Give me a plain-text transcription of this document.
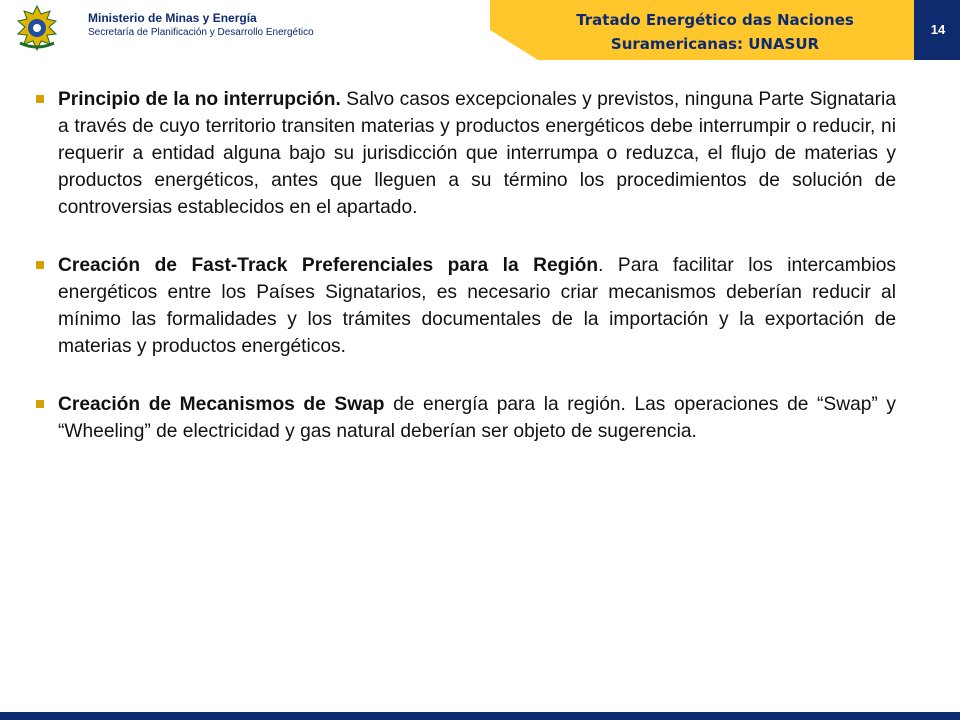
Ministerio de Minas y Energía
Secretaría de Planificación y Desarrollo Energético
Tratado Energético das Naciones
Suramericanas: UNASUR
14
Principio de la no interrupción. Salvo casos excepcionales y previstos, ninguna Parte Signataria a través de cuyo territorio transiten materias y productos energéticos debe interrumpir o reducir, ni requerir a entidad alguna bajo su jurisdicción que interrumpa o reduzca, el flujo de materias y productos energéticos, antes que lleguen a su término los procedimientos de solución de controversias establecidos en el apartado.
Creación de Fast-Track Preferenciales para la Región. Para facilitar los intercambios energéticos entre los Países Signatarios, es necesario criar mecanismos deberían reducir al mínimo las formalidades y los trámites documentales de la importación y la exportación de materias y productos energéticos.
Creación de Mecanismos de Swap de energía para la región. Las operaciones de “Swap” y “Wheeling” de electricidad y gas natural deberían ser objeto de sugerencia.
